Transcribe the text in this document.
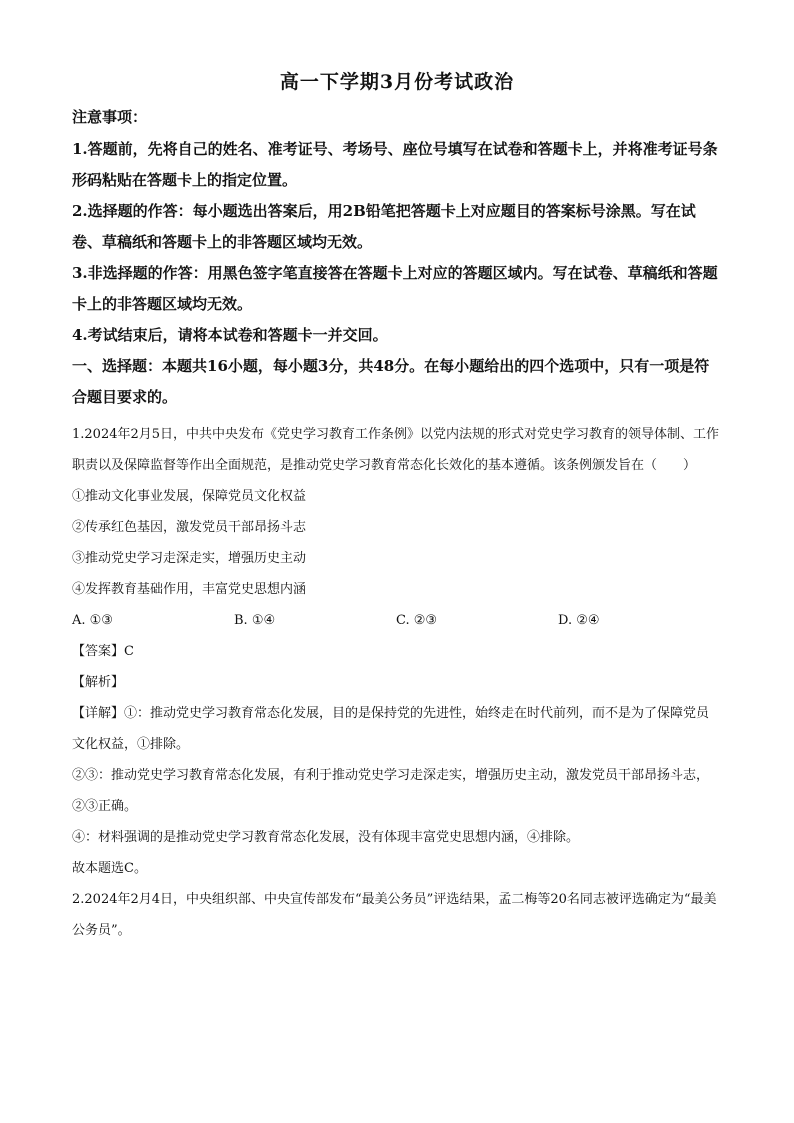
高一下学期3月份考试政治

注意事项：

1.答题前，先将自己的姓名、准考证号、考场号、座位号填写在试卷和答题卡上，并将准考证号条形码粘贴在答题卡上的指定位置。

2.选择题的作答：每小题选出答案后，用2B铅笔把答题卡上对应题目的答案标号涂黑。写在试卷、草稿纸和答题卡上的非答题区域均无效。

3.非选择题的作答：用黑色签字笔直接答在答题卡上对应的答题区域内。写在试卷、草稿纸和答题卡上的非答题区域均无效。

4.考试结束后，请将本试卷和答题卡一并交回。

一、选择题：本题共16小题，每小题3分，共48分。在每小题给出的四个选项中，只有一项是符合题目要求的。

1.2024年2月5日，中共中央发布《党史学习教育工作条例》以党内法规的形式对党史学习教育的领导体制、工作职责以及保障监督等作出全面规范，是推动党史学习教育常态化长效化的基本遵循。该条例颁发旨在（　　）

①推动文化事业发展，保障党员文化权益

②传承红色基因，激发党员干部昂扬斗志

③推动党史学习走深走实，增强历史主动

④发挥教育基础作用，丰富党史思想内涵

A. ①③	B. ①④	C. ②③	D. ②④

【答案】C

【解析】

【详解】①：推动党史学习教育常态化发展，目的是保持党的先进性，始终走在时代前列，而不是为了保障党员文化权益，①排除。

②③：推动党史学习教育常态化发展，有利于推动党史学习走深走实，增强历史主动，激发党员干部昂扬斗志，②③正确。

④：材料强调的是推动党史学习教育常态化发展，没有体现丰富党史思想内涵，④排除。

故本题选C。

2.2024年2月4日，中央组织部、中央宣传部发布“最美公务员”评选结果，孟二梅等20名同志被评选确定为“最美公务员”。
